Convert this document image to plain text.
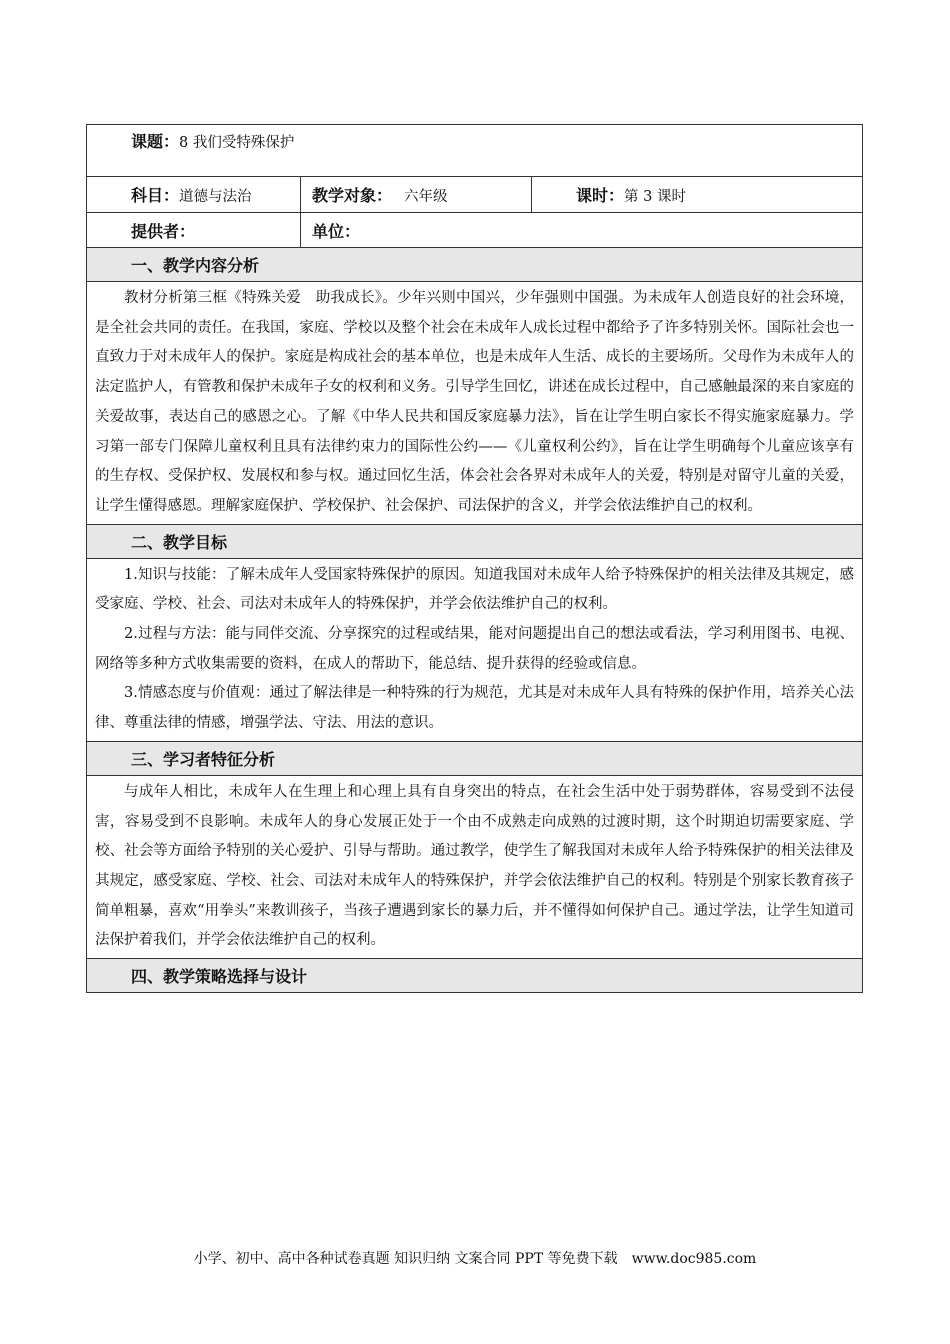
课题：8 我们受特殊保护		
科目：道德与法治	教学对象： 六年级	课时：第 3 课时
提供者：	单位：	
一、教学内容分析		

教材分析第三框《特殊关爱　助我成长》。少年兴则中国兴，少年强则中国强。为未成年人创造良好的社会环境，是全社会共同的责任。在我国，家庭、学校以及整个社会在未成年人成长过程中都给予了许多特别关怀。国际社会也一直致力于对未成年人的保护。家庭是构成社会的基本单位，也是未成年人生活、成长的主要场所。父母作为未成年人的法定监护人，有管教和保护未成年子女的权利和义务。引导学生回忆，讲述在成长过程中，自己感触最深的来自家庭的关爱故事，表达自己的感恩之心。了解《中华人民共和国反家庭暴力法》，旨在让学生明白家长不得实施家庭暴力。学习第一部专门保障儿童权利且具有法律约束力的国际性公约——《儿童权利公约》，旨在让学生明确每个儿童应该享有的生存权、受保护权、发展权和参与权。通过回忆生活，体会社会各界对未成年人的关爱，特别是对留守儿童的关爱，让学生懂得感恩。理解家庭保护、学校保护、社会保护、司法保护的含义，并学会依法维护自己的权利。		

二、教学目标		

1.知识与技能：了解未成年人受国家特殊保护的原因。知道我国对未成年人给予特殊保护的相关法律及其规定，感受家庭、学校、社会、司法对未成年人的特殊保护，并学会依法维护自己的权利。

2.过程与方法：能与同伴交流、分享探究的过程或结果，能对问题提出自己的想法或看法，学习利用图书、电视、网络等多种方式收集需要的资料，在成人的帮助下，能总结、提升获得的经验或信息。

3.情感态度与价值观：通过了解法律是一种特殊的行为规范，尤其是对未成年人具有特殊的保护作用，培养关心法律、尊重法律的情感，增强学法、守法、用法的意识。		

三、学习者特征分析		

与成年人相比，未成年人在生理上和心理上具有自身突出的特点，在社会生活中处于弱势群体，容易受到不法侵害，容易受到不良影响。未成年人的身心发展正处于一个由不成熟走向成熟的过渡时期，这个时期迫切需要家庭、学校、社会等方面给予特别的关心爱护、引导与帮助。通过教学，使学生了解我国对未成年人给予特殊保护的相关法律及其规定，感受家庭、学校、社会、司法对未成年人的特殊保护，并学会依法维护自己的权利。特别是个别家长教育孩子简单粗暴，喜欢“用拳头”来教训孩子，当孩子遭遇到家长的暴力后，并不懂得如何保护自己。通过学法，让学生知道司法保护着我们，并学会依法维护自己的权利。		

四、教学策略选择与设计		
小学、初中、高中各种试卷真题 知识归纳 文案合同 PPT 等免费下载　www.doc985.com
